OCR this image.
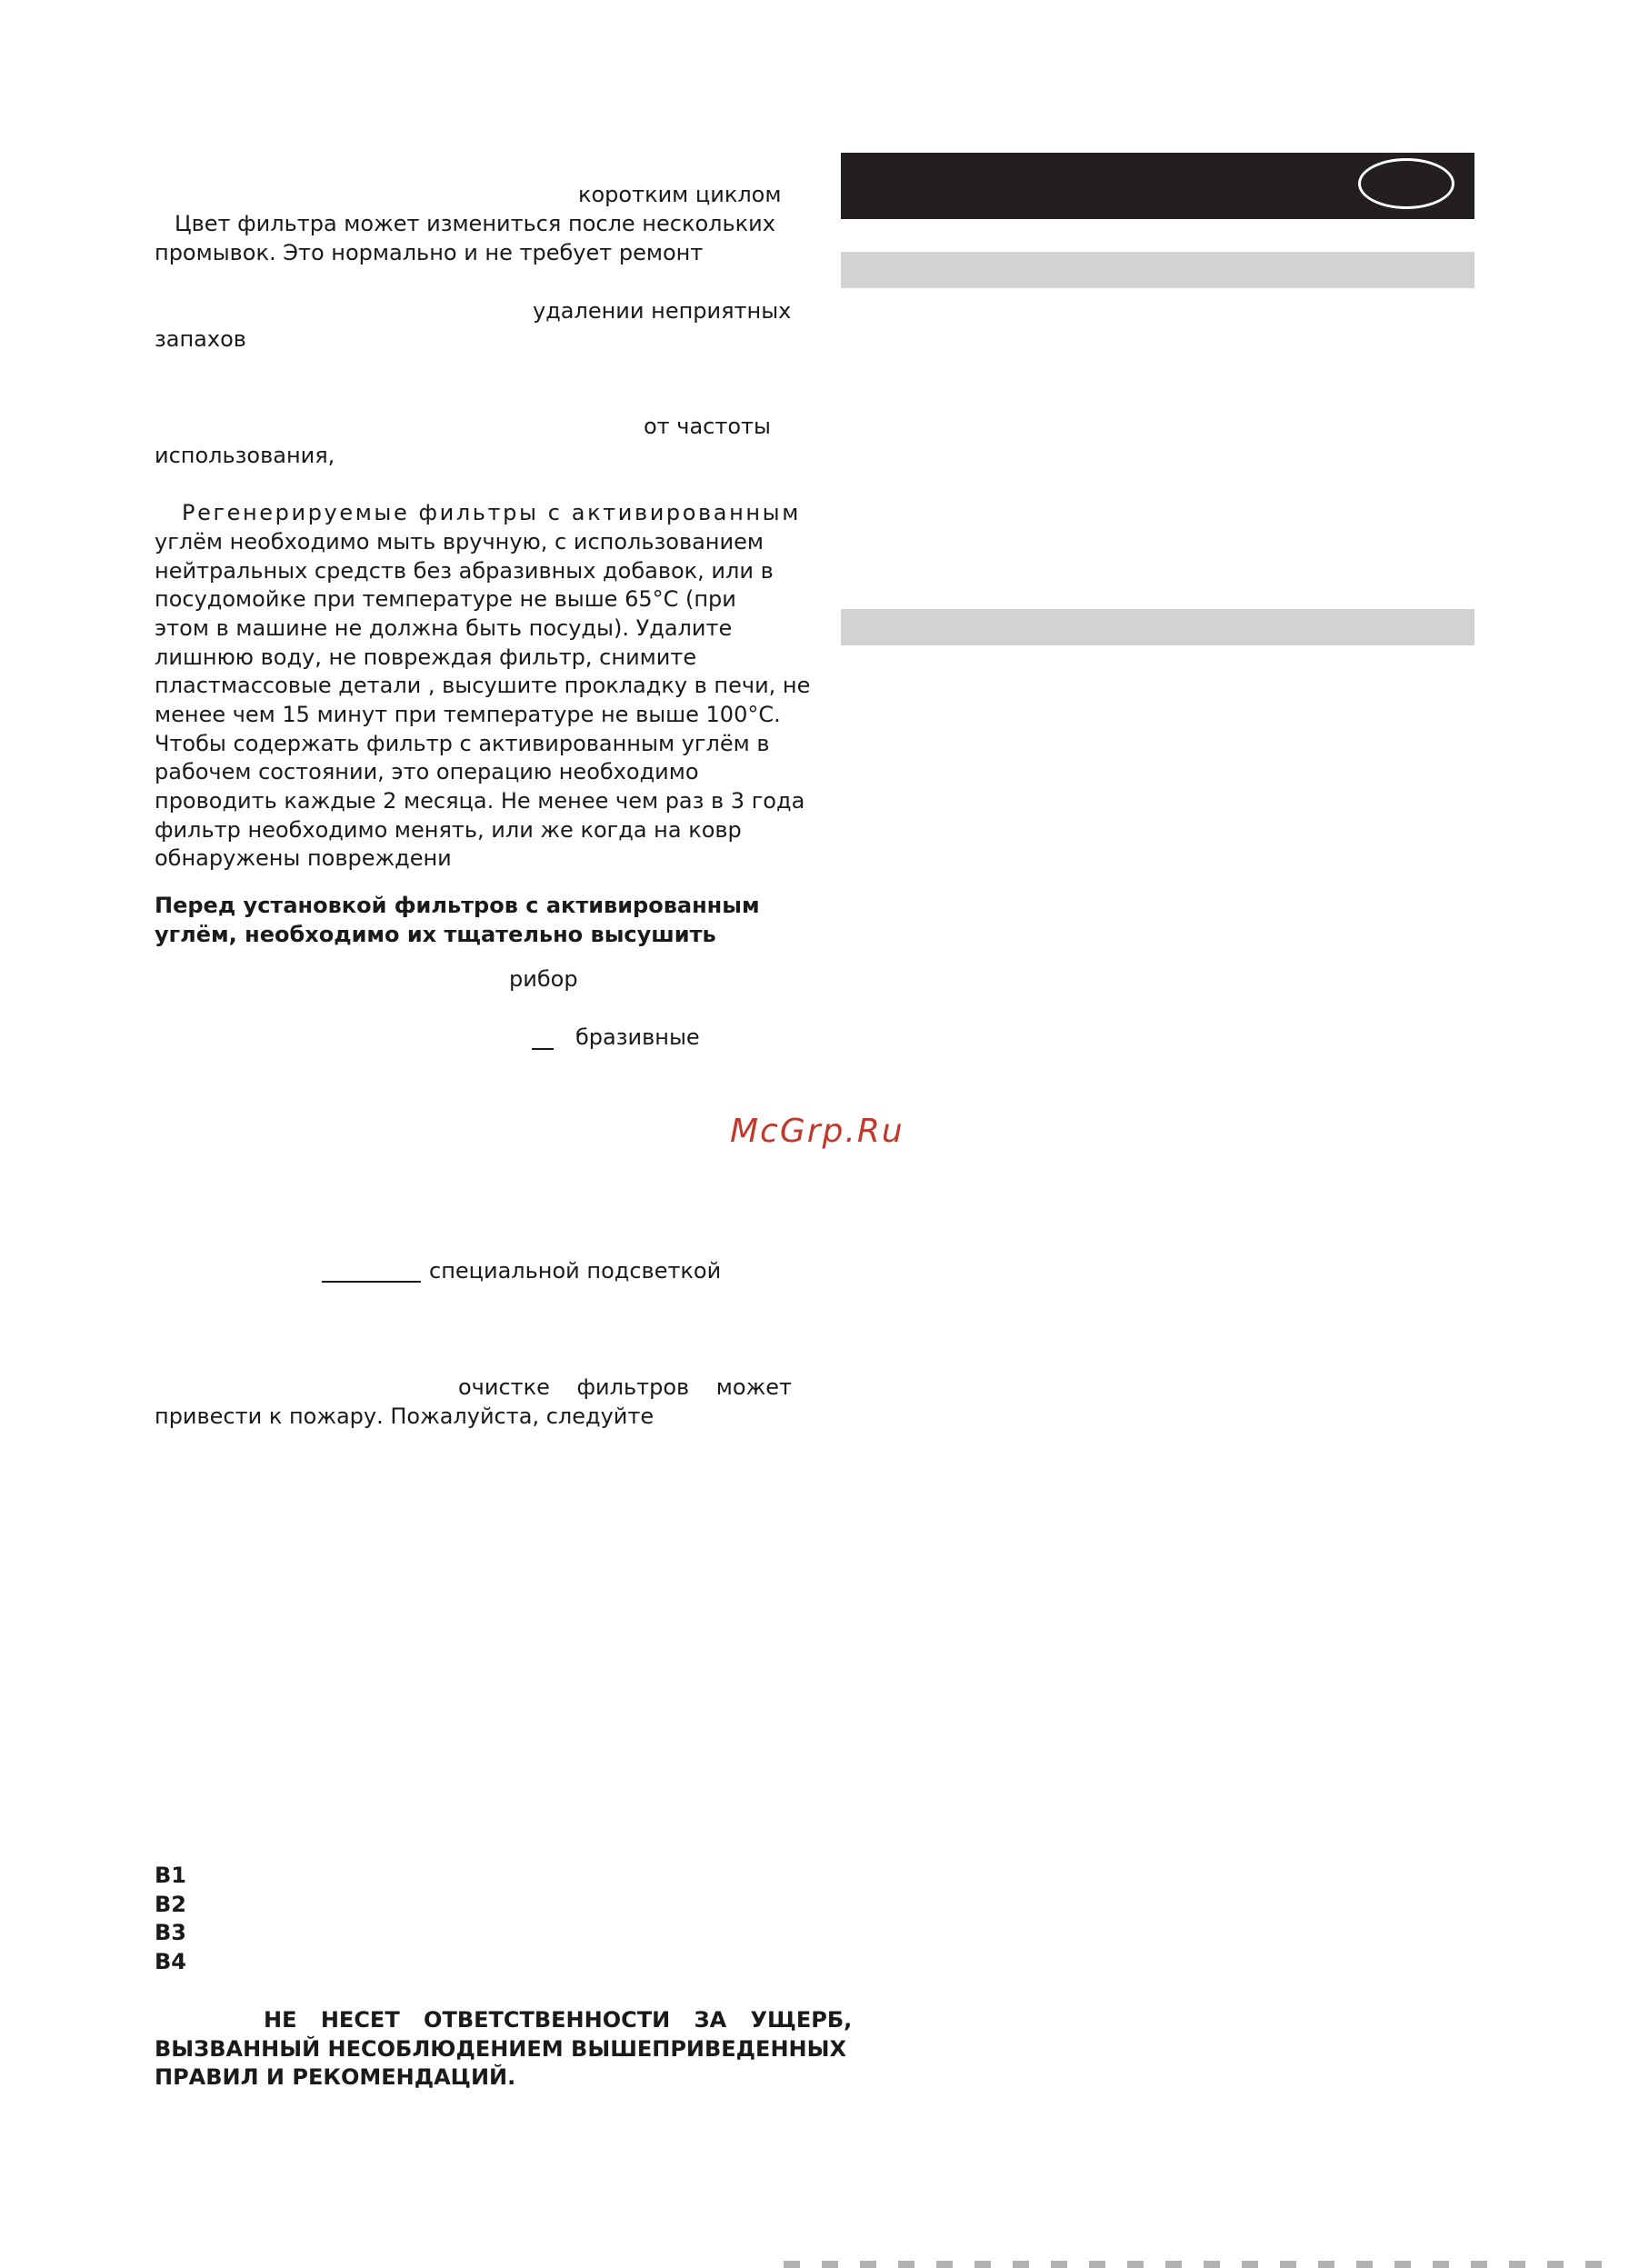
коротким циклом

Цвет фильтра может измениться после нескольких

промывок. Это нормально и не требует ремонт

удалении неприятных

запахов

от частоты

использования,

Регенерируемые фильтры с активированным

углём необходимо мыть вручную, с использованием

нейтральных средств без абразивных добавок, или в

посудомойке при температуре не выше 65°C (при

этом в машине не должна быть посуды). Удалите

лишнюю воду, не повреждая фильтр, снимите

пластмассовые детали , высушите прокладку в печи, не

менее чем 15 минут при температуре не выше 100°C.

Чтобы содержать фильтр с активированным углём в

рабочем состоянии, это операцию необходимо

проводить каждые 2 месяца. Не менее чем раз в 3 года

фильтр необходимо менять, или же когда на ковр

обнаружены повреждени

Перед установкой фильтров с активированным

углём, необходимо их тщательно высушить

рибор

бразивные

McGrp.Ru

специальной подсветкой

очистке фильтров может

привести к пожару. Пожалуйста, следуйте

B1

B2

B3

B4

НЕ НЕСЕТ ОТВЕТСТВЕННОСТИ ЗА УЩЕРБ,

ВЫЗВАННЫЙ НЕСОБЛЮДЕНИЕМ ВЫШЕПРИВЕДЕННЫХ

ПРАВИЛ И РЕКОМЕНДАЦИЙ.
